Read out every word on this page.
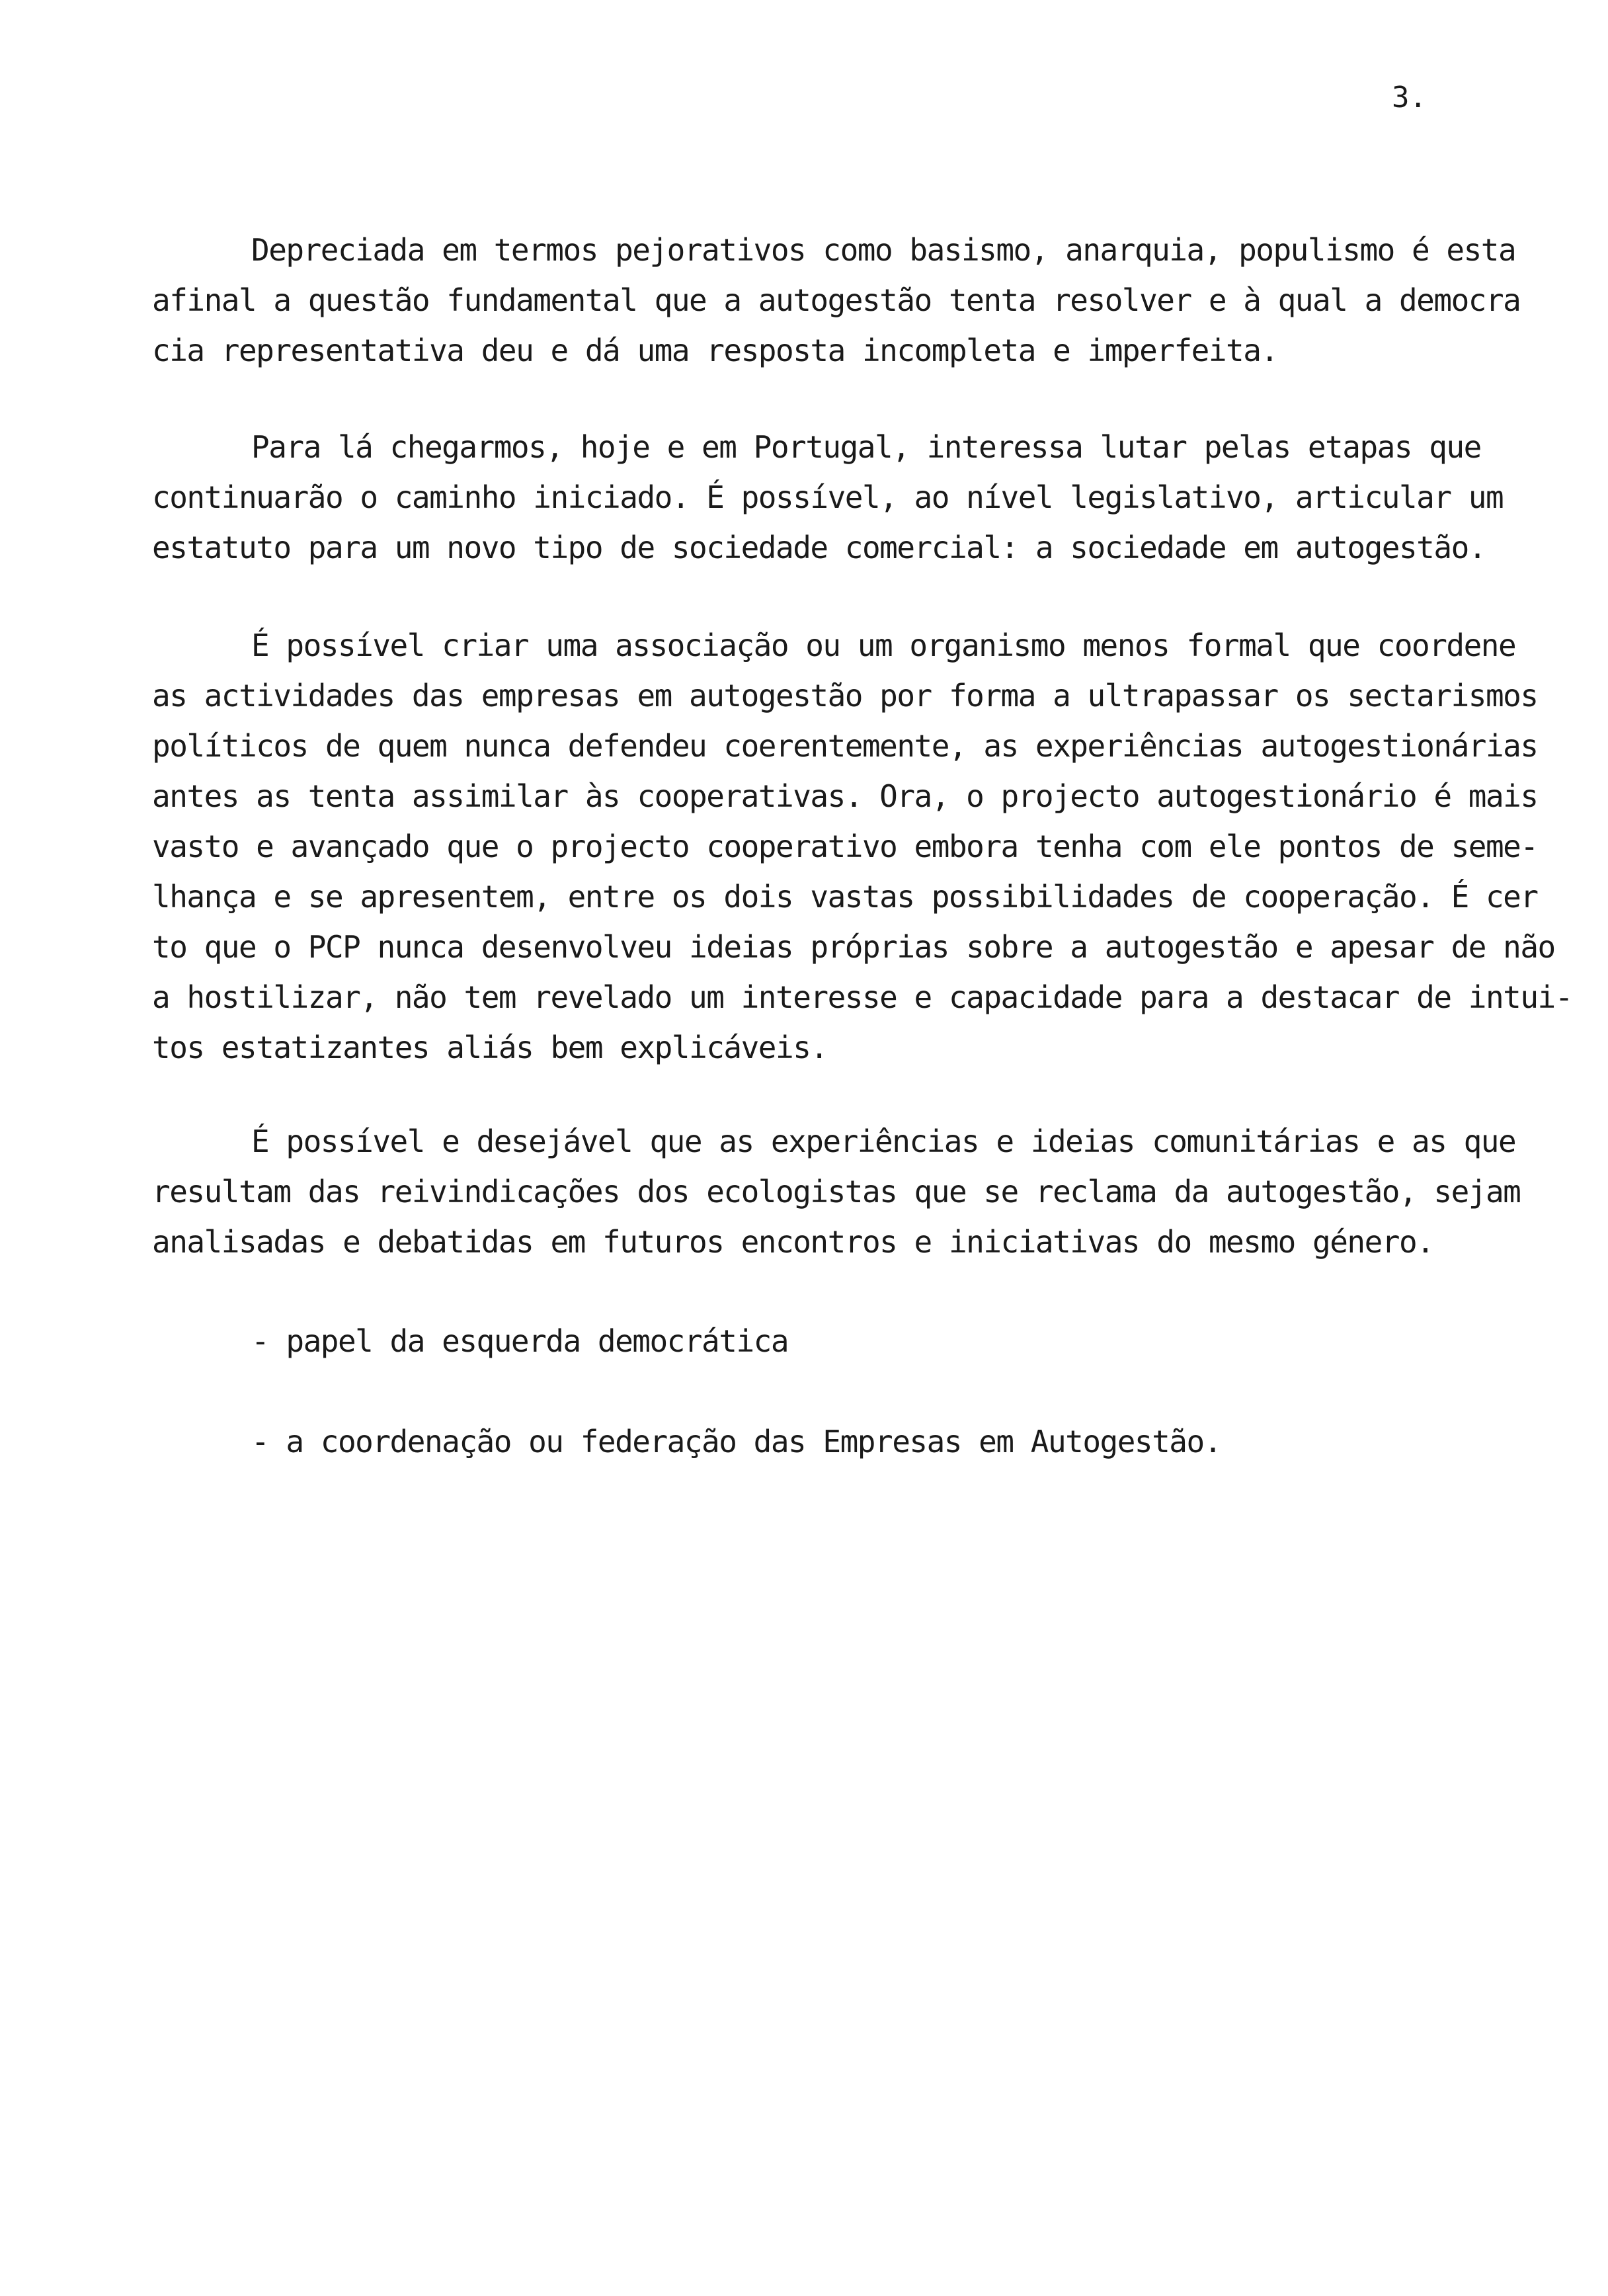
3.
Depreciada em termos pejorativos como basismo, anarquia, populismo é esta
afinal a questão fundamental que a autogestão tenta resolver e à qual a democra
cia representativa deu e dá uma resposta incompleta e imperfeita.
Para lá chegarmos, hoje e em Portugal, interessa lutar pelas etapas que
continuarão o caminho iniciado. É possível, ao nível legislativo, articular um
estatuto para um novo tipo de sociedade comercial: a sociedade em autogestão.
É possível criar uma associação ou um organismo menos formal que coordene
as actividades das empresas em autogestão por forma a ultrapassar os sectarismos
políticos de quem nunca defendeu coerentemente, as experiências autogestionárias
antes as tenta assimilar às cooperativas. Ora, o projecto autogestionário é mais
vasto e avançado que o projecto cooperativo embora tenha com ele pontos de seme-
lhança e se apresentem, entre os dois vastas possibilidades de cooperação. É cer
to que o PCP nunca desenvolveu ideias próprias sobre a autogestão e apesar de não
a hostilizar, não tem revelado um interesse e capacidade para a destacar de intui-
tos estatizantes aliás bem explicáveis.
É possível e desejável que as experiências e ideias comunitárias e as que
resultam das reivindicações dos ecologistas que se reclama da autogestão, sejam
analisadas e debatidas em futuros encontros e iniciativas do mesmo género.
- papel da esquerda democrática
- a coordenação ou federação das Empresas em Autogestão.
